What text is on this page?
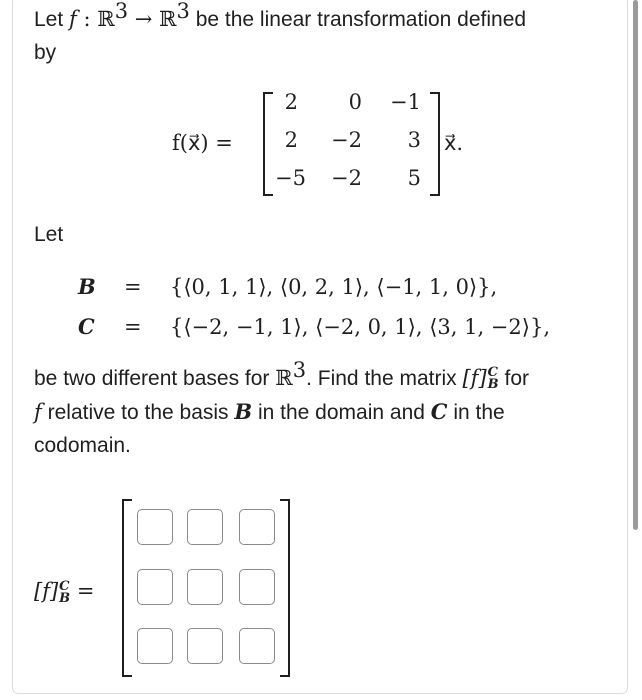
Let f : ℝ$^3$ → ℝ$^3$ be the linear transformation defined
by
f(x⃗) =
2	0	−1
2	−2	3
−5	−2	5
x⃗.
Let
B = {⟨0, 1, 1⟩, ⟨0, 2, 1⟩, ⟨−1, 1, 0⟩},
C = {⟨−2, −1, 1⟩, ⟨−2, 0, 1⟩, ⟨3, 1, −2⟩},
be two different bases for ℝ$^3$. Find the matrix [f] C
B for
f relative to the basis B in the domain and C in the
codomain.
[f] C
B =
